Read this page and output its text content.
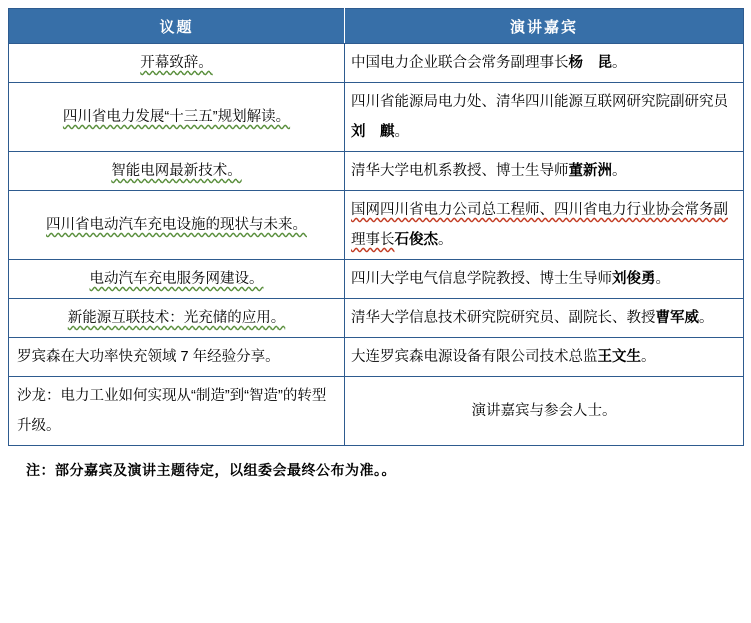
议题	演讲嘉宾
开幕致辞。	中国电力企业联合会常务副理事长杨　昆。
四川省电力发展“十三五”规划解读。	四川省能源局电力处、清华四川能源互联网研究院副研究员刘　麒。
智能电网最新技术。	清华大学电机系教授、博士生导师董新洲。
四川省电动汽车充电设施的现状与未来。	国网四川省电力公司总工程师、四川省电力行业协会常务副理事长石俊杰。
电动汽车充电服务网建设。	四川大学电气信息学院教授、博士生导师刘俊勇。
新能源互联技术：光充储的应用。	清华大学信息技术研究院研究员、副院长、教授曹军威。
罗宾森在大功率快充领域 7 年经验分享。	大连罗宾森电源设备有限公司技术总监王文生。
沙龙：电力工业如何实现从“制造”到“智造”的转型升级。	演讲嘉宾与参会人士。
注：部分嘉宾及演讲主题待定，以组委会最终公布为准。。
